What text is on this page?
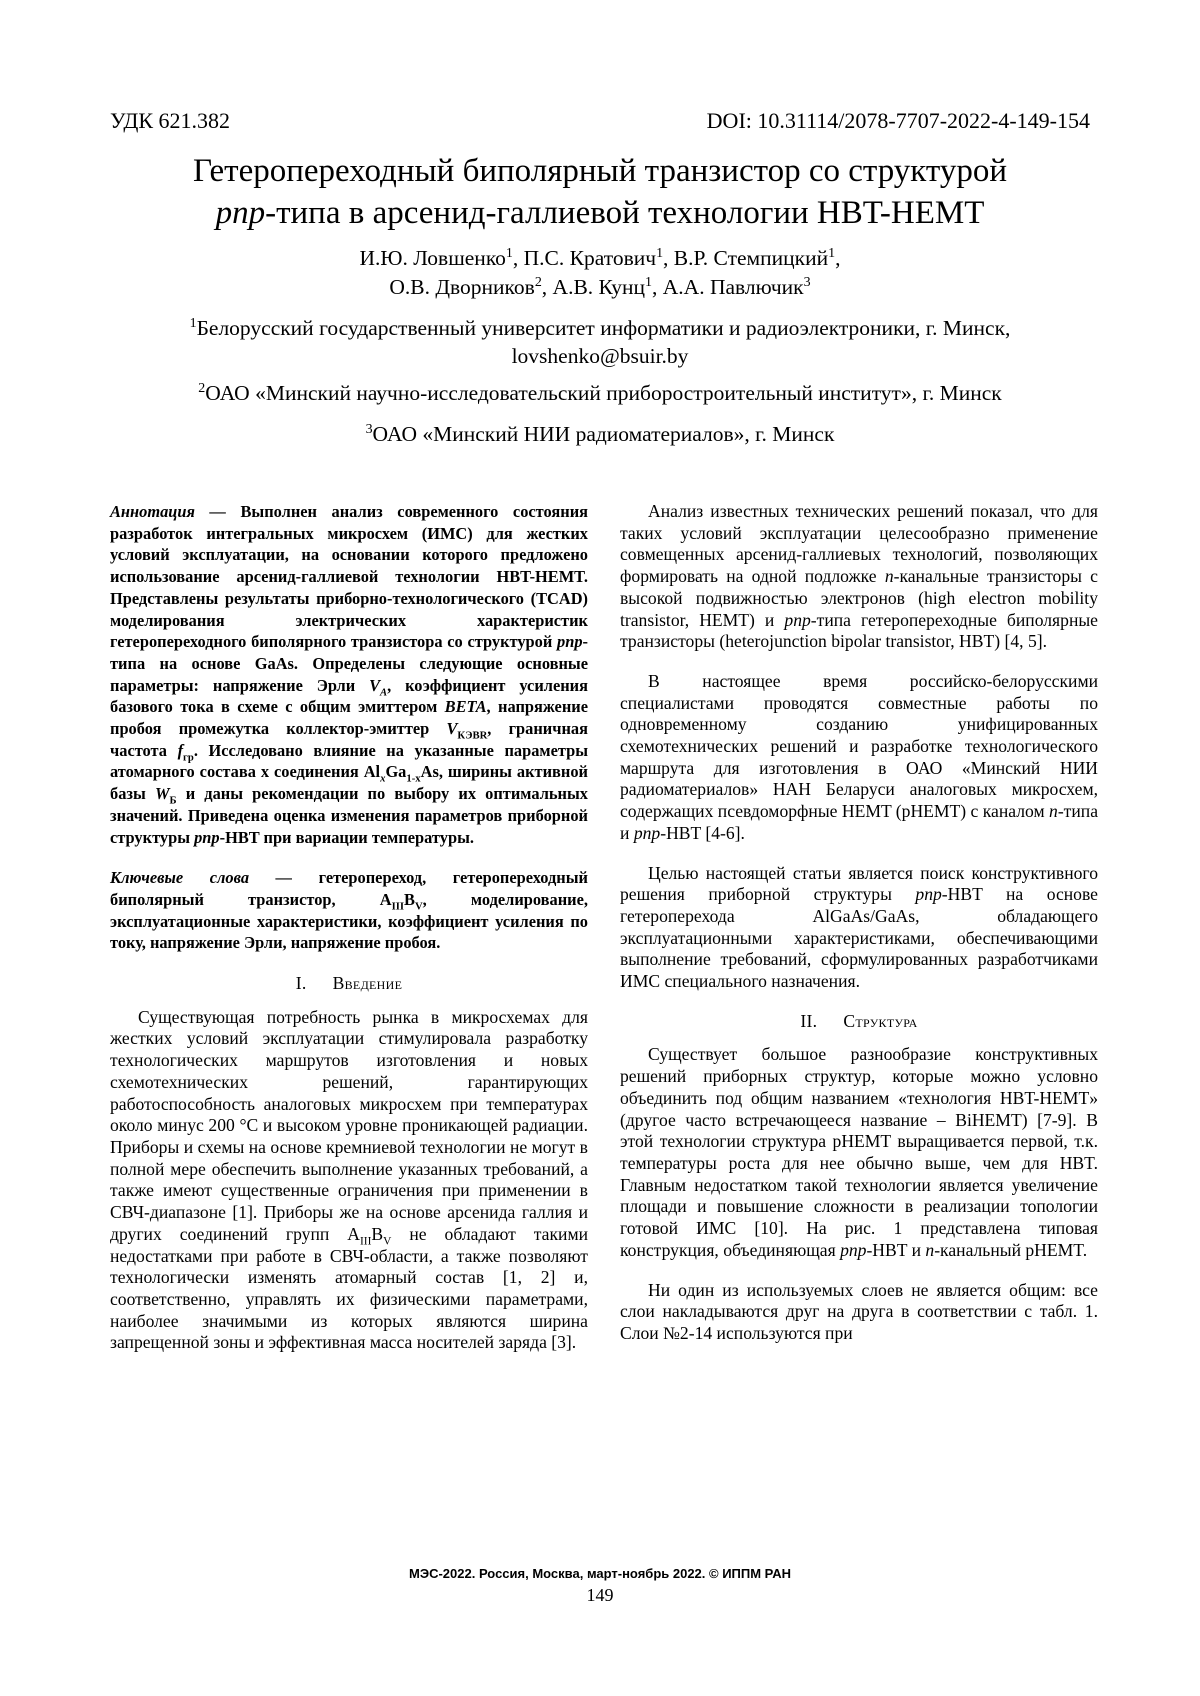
УДК 621.382	DOI: 10.31114/2078-7707-2022-4-149-154
Гетеропереходный биполярный транзистор со структурой
pnp-типа в арсенид-галлиевой технологии HBT-HEMT
И.Ю. Ловшенко$^1$, П.С. Кратович$^1$, В.Р. Стемпицкий$^1$,
О.В. Дворников$^2$, А.В. Кунц$^1$, А.А. Павлючик$^3$
$^1$Белорусский государственный университет информатики и радиоэлектроники, г. Минск,
lovshenko@bsuir.by
$^2$ОАО «Минский научно-исследовательский приборостроительный институт», г. Минск
$^3$ОАО «Минский НИИ радиоматериалов», г. Минск

Аннотация — Выполнен анализ современного состояния разработок интегральных микросхем (ИМС) для жестких условий эксплуатации, на основании которого предложено использование арсенид-галлиевой технологии HBT-HEMT. Представлены результаты приборно-технологического (TCAD) моделирования электрических характеристик гетеропереходного биполярного транзистора со структурой pnp-типа на основе GaAs. Определены следующие основные параметры: напряжение Эрли $V_A$, коэффициент усиления базового тока в схеме с общим эмиттером BETA, напряжение пробоя промежутка коллектор-эмиттер $V_{КЭBR}$, граничная частота $f_{гр}$. Исследовано влияние на указанные параметры атомарного состава x соединения $Al_xGa_{1-x}As$, ширины активной базы $W_Б$ и даны рекомендации по выбору их оптимальных значений. Приведена оценка изменения параметров приборной структуры pnp-HBT при вариации температуры.

Ключевые слова — гетеропереход, гетеропереходный биполярный транзистор, $A_{III}B_V$, моделирование, эксплуатационные характеристики, коэффициент усиления по току, напряжение Эрли, напряжение пробоя.

I. Введение

Существующая потребность рынка в микросхемах для жестких условий эксплуатации стимулировала разработку технологических маршрутов изготовления и новых схемотехнических решений, гарантирующих работоспособность аналоговых микросхем при температурах около минус 200 °С и высоком уровне проникающей радиации. Приборы и схемы на основе кремниевой технологии не могут в полной мере обеспечить выполнение указанных требований, а также имеют существенные ограничения при применении в СВЧ-диапазоне [1]. Приборы же на основе арсенида галлия и других соединений групп $A_{III}B_V$ не обладают такими недостатками при работе в СВЧ-области, а также позволяют технологически изменять атомарный состав [1, 2] и, соответственно, управлять их физическими параметрами, наиболее значимыми из которых являются ширина запрещенной зоны и эффективная масса носителей заряда [3].

Анализ известных технических решений показал, что для таких условий эксплуатации целесообразно применение совмещенных арсенид-галлиевых технологий, позволяющих формировать на одной подложке n-канальные транзисторы с высокой подвижностью электронов (high electron mobility transistor, HEMT) и pnp-типа гетеропереходные биполярные транзисторы (heterojunction bipolar transistor, HBT) [4, 5].

В настоящее время российско-белорусскими специалистами проводятся совместные работы по одновременному созданию унифицированных схемотехнических решений и разработке технологического маршрута для изготовления в ОАО «Минский НИИ радиоматериалов» НАН Беларуси аналоговых микросхем, содержащих псевдоморфные HEMT (pHEMT) с каналом n-типа и pnp-HBT [4-6].

Целью настоящей статьи является поиск конструктивного решения приборной структуры pnp-HBT на основе гетероперехода AlGaAs/GaAs, обладающего эксплуатационными характеристиками, обеспечивающими выполнение требований, сформулированных разработчиками ИМС специального назначения.

II. Структура

Существует большое разнообразие конструктивных решений приборных структур, которые можно условно объединить под общим названием «технология HBT-HEMT» (другое часто встречающееся название – BiHEMT) [7-9]. В этой технологии структура pHEMT выращивается первой, т.к. температуры роста для нее обычно выше, чем для HBT. Главным недостатком такой технологии является увеличение площади и повышение сложности в реализации топологии готовой ИМС [10]. На рис. 1 представлена типовая конструкция, объединяющая pnp-HBT и n-канальный pHEMT.

Ни один из используемых слоев не является общим: все слои накладываются друг на друга в соответствии с табл. 1. Слои №2-14 используются при

МЭС-2022. Россия, Москва, март-ноябрь 2022. © ИППМ РАН
149
